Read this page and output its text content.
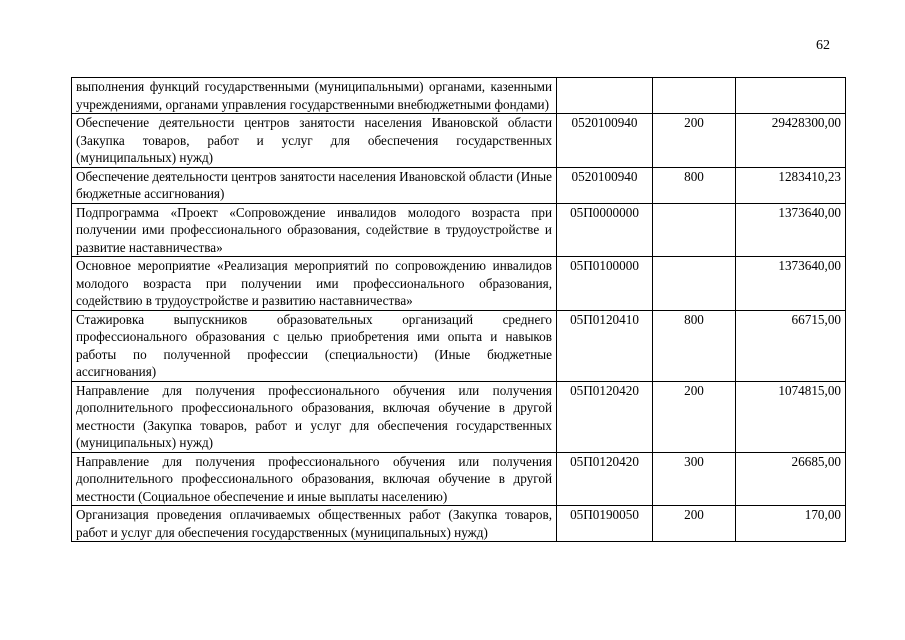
62
выполнения функций государственными (муниципальными) органами, казенными учреждениями, органами управления государственными внебюджетными фондами)			
Обеспечение деятельности центров занятости населения Ивановской области (Закупка товаров, работ и услуг для обеспечения государственных (муниципальных) нужд)	0520100940	200	29428300,00
Обеспечение деятельности центров занятости населения Ивановской области (Иные бюджетные ассигнования)	0520100940	800	1283410,23
Подпрограмма «Проект «Сопровождение инвалидов молодого возраста при получении ими профессионального образования, содействие в трудоустройстве и развитие наставничества»	05П0000000		1373640,00
Основное мероприятие «Реализация мероприятий по сопровождению инвалидов молодого возраста при получении ими профессионального образования, содействию в трудоустройстве и развитию наставничества»	05П0100000		1373640,00
Стажировка выпускников образовательных организаций среднего профессионального образования с целью приобретения ими опыта и навыков работы по полученной профессии (специальности) (Иные бюджетные ассигнования)	05П0120410	800	66715,00
Направление для получения профессионального обучения или получения дополнительного профессионального образования, включая обучение в другой местности (Закупка товаров, работ и услуг для обеспечения государственных (муниципальных) нужд)	05П0120420	200	1074815,00
Направление для получения профессионального обучения или получения дополнительного профессионального образования, включая обучение в другой местности (Социальное обеспечение и иные выплаты населению)	05П0120420	300	26685,00
Организация проведения оплачиваемых общественных работ (Закупка товаров, работ и услуг для обеспечения государственных (муниципальных) нужд)	05П0190050	200	170,00
